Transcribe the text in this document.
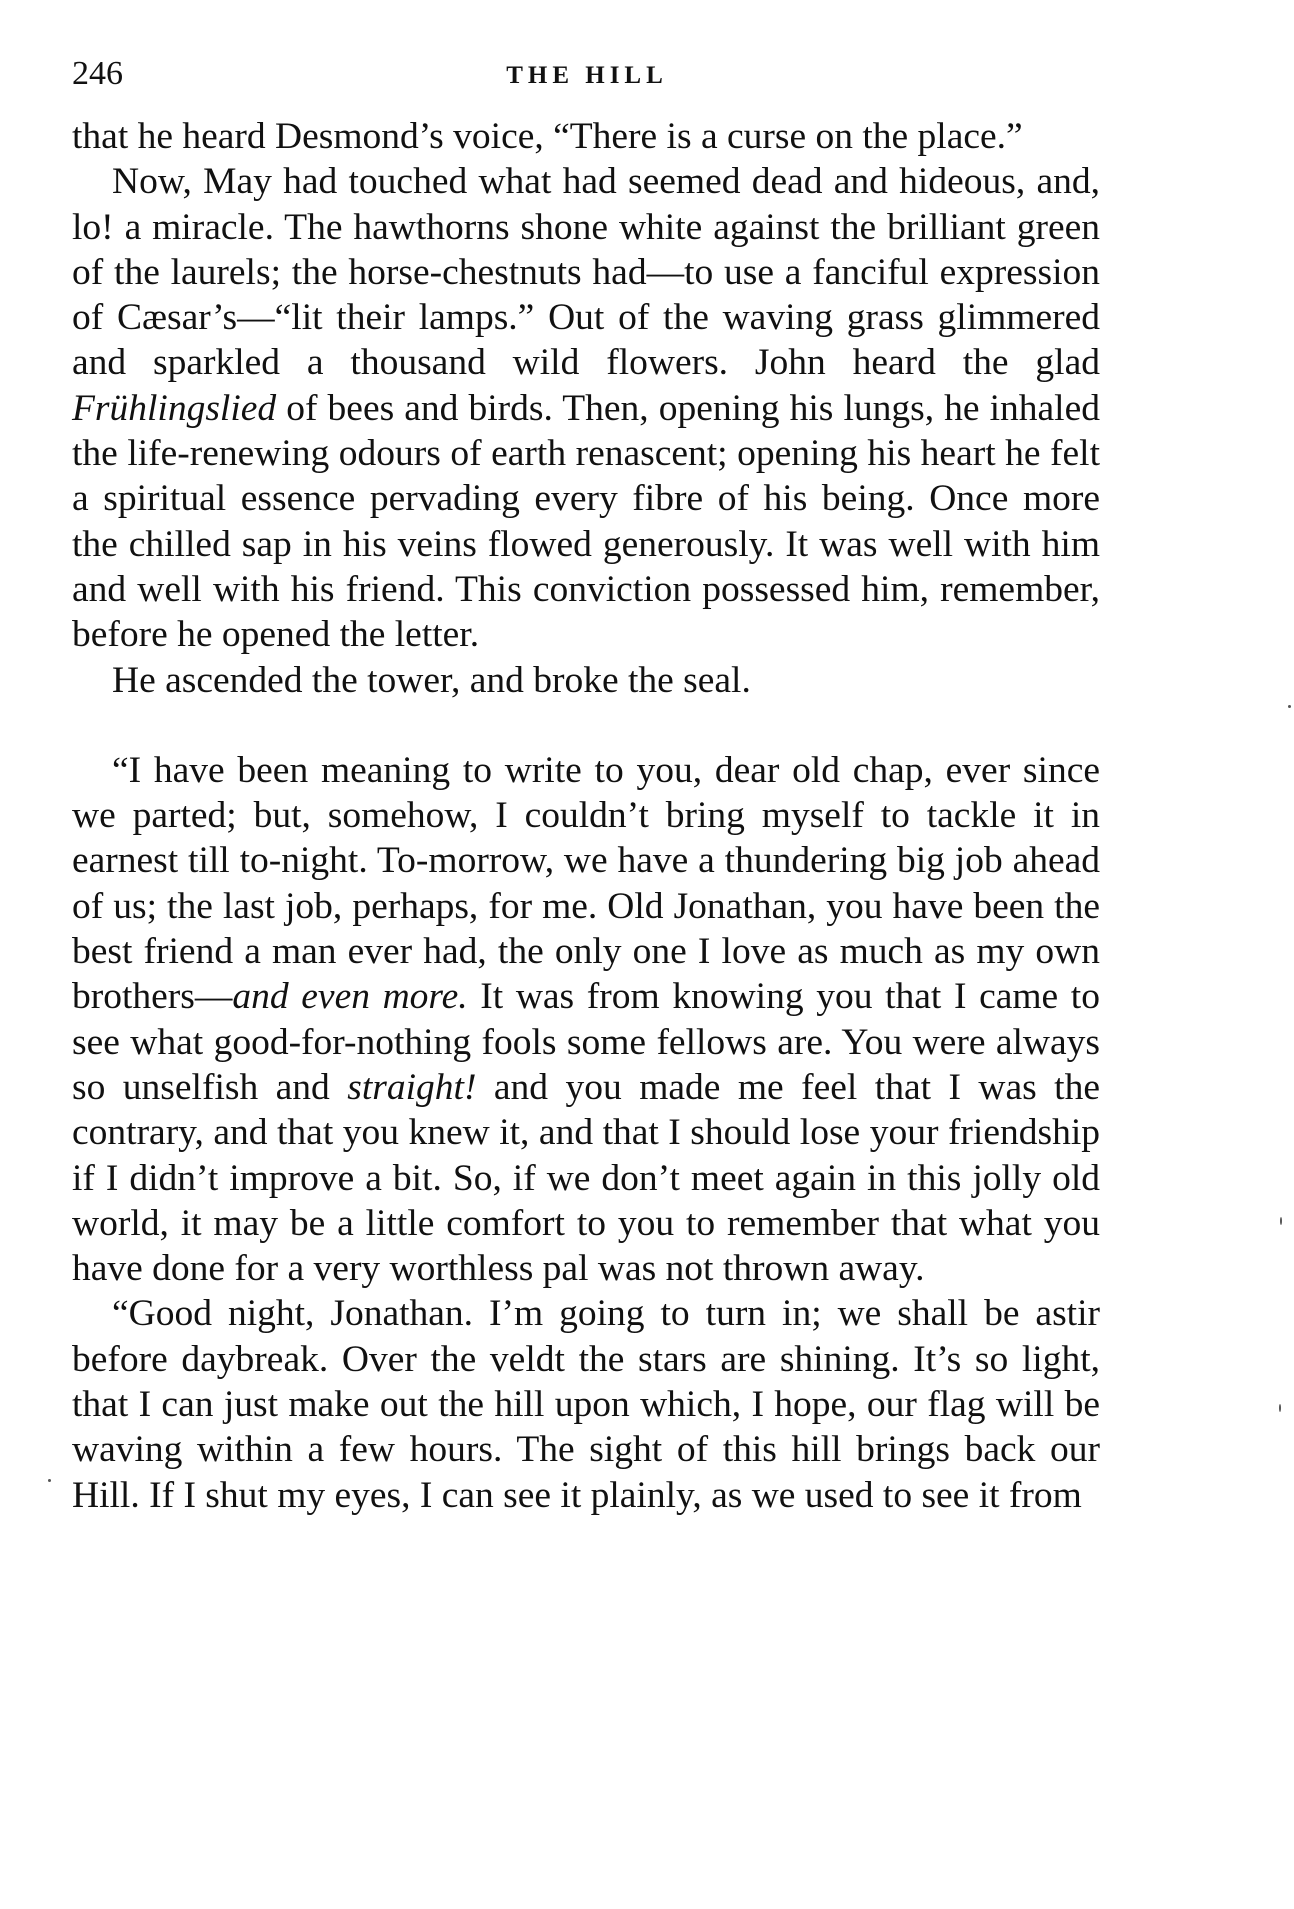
246	THE HILL

that he heard Desmond’s voice, “There is a curse on the place.”

Now, May had touched what had seemed dead and hideous, and, lo! a miracle. The hawthorns shone white against the brilliant green of the laurels; the horse-chestnuts had—to use a fanciful expression of Cæsar’s—“lit their lamps.” Out of the waving grass glimmered and sparkled a thousand wild flowers. John heard the glad Frühlingslied of bees and birds. Then, opening his lungs, he inhaled the life-renewing odours of earth renascent; opening his heart he felt a spiritual essence pervading every fibre of his being. Once more the chilled sap in his veins flowed generously. It was well with him and well with his friend. This conviction possessed him, remember, before he opened the letter.

He ascended the tower, and broke the seal.

“I have been meaning to write to you, dear old chap, ever since we parted; but, somehow, I couldn’t bring myself to tackle it in earnest till to-night. To-morrow, we have a thundering big job ahead of us; the last job, perhaps, for me. Old Jonathan, you have been the best friend a man ever had, the only one I love as much as my own brothers—and even more. It was from knowing you that I came to see what good-for-nothing fools some fellows are. You were always so unselfish and straight! and you made me feel that I was the contrary, and that you knew it, and that I should lose your friendship if I didn’t improve a bit. So, if we don’t meet again in this jolly old world, it may be a little comfort to you to remember that what you have done for a very worthless pal was not thrown away.

“Good night, Jonathan. I’m going to turn in; we shall be astir before daybreak. Over the veldt the stars are shining. It’s so light, that I can just make out the hill upon which, I hope, our flag will be waving within a few hours. The sight of this hill brings back our Hill. If I shut my eyes, I can see it plainly, as we used to see it from
